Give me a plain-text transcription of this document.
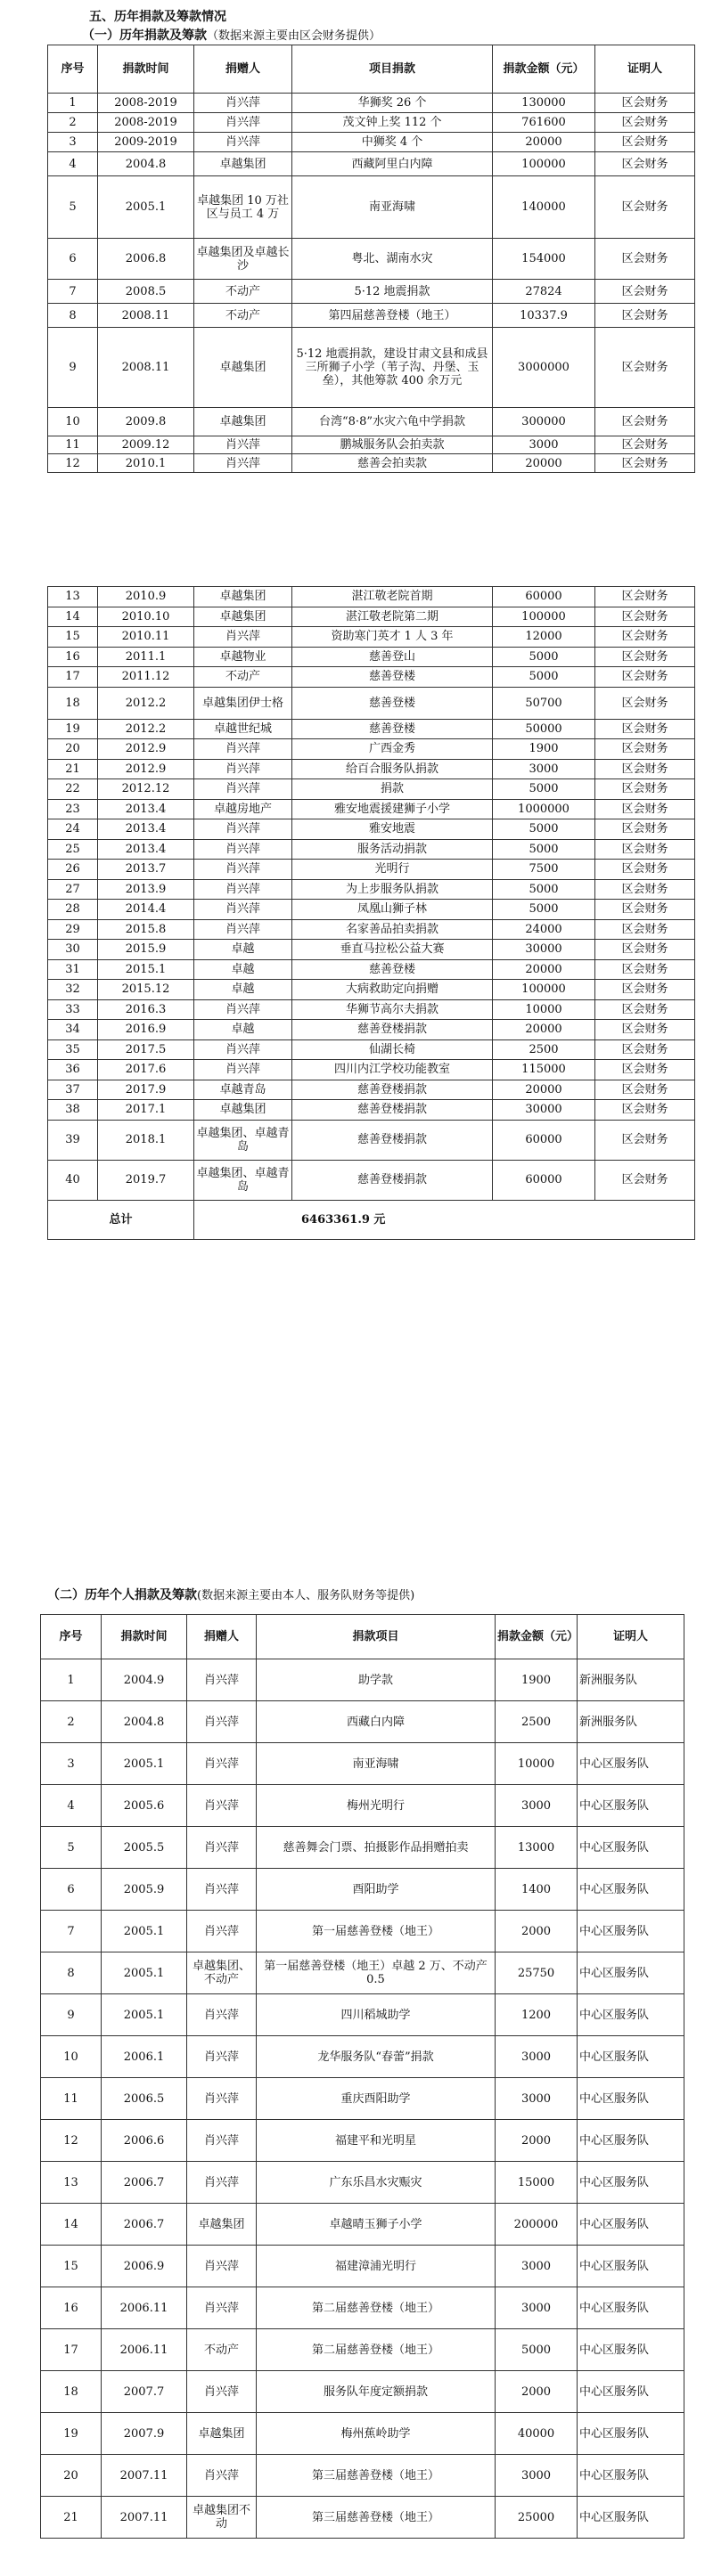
五、历年捐款及筹款情况
（一）历年捐款及筹款（数据来源主要由区会财务提供）
序号	捐款时间	捐赠人	项目捐款	捐款金额（元）	证明人
1	2008-2019	肖兴萍	华狮奖 26 个	130000	区会财务
2	2008-2019	肖兴萍	茂文钟上奖 112 个	761600	区会财务
3	2009-2019	肖兴萍	中狮奖 4 个	20000	区会财务
4	2004.8	卓越集团	西藏阿里白内障	100000	区会财务
5	2005.1	卓越集团 10 万社区与员工 4 万	南亚海啸	140000	区会财务
6	2006.8	卓越集团及卓越长沙	粤北、湖南水灾	154000	区会财务
7	2008.5	不动产	5·12 地震捐款	27824	区会财务
8	2008.11	不动产	第四届慈善登楼（地王）	10337.9	区会财务
9	2008.11	卓越集团	5·12 地震捐款，建设甘肃文县和成县三所狮子小学（苇子沟、丹堡、玉垒），其他筹款 400 余万元	3000000	区会财务
10	2009.8	卓越集团	台湾“8·8”水灾六龟中学捐款	300000	区会财务
11	2009.12	肖兴萍	鹏城服务队会拍卖款	3000	区会财务
12	2010.1	肖兴萍	慈善会拍卖款	20000	区会财务
13	2010.9	卓越集团	湛江敬老院首期	60000	区会财务
14	2010.10	卓越集团	湛江敬老院第二期	100000	区会财务
15	2010.11	肖兴萍	资助寒门英才 1 人 3 年	12000	区会财务
16	2011.1	卓越物业	慈善登山	5000	区会财务
17	2011.12	不动产	慈善登楼	5000	区会财务
18	2012.2	卓越集团伊士格	慈善登楼	50700	区会财务
19	2012.2	卓越世纪城	慈善登楼	50000	区会财务
20	2012.9	肖兴萍	广西金秀	1900	区会财务
21	2012.9	肖兴萍	给百合服务队捐款	3000	区会财务
22	2012.12	肖兴萍	捐款	5000	区会财务
23	2013.4	卓越房地产	雅安地震援建狮子小学	1000000	区会财务
24	2013.4	肖兴萍	雅安地震	5000	区会财务
25	2013.4	肖兴萍	服务活动捐款	5000	区会财务
26	2013.7	肖兴萍	光明行	7500	区会财务
27	2013.9	肖兴萍	为上步服务队捐款	5000	区会财务
28	2014.4	肖兴萍	凤凰山狮子林	5000	区会财务
29	2015.8	肖兴萍	名家善品拍卖捐款	24000	区会财务
30	2015.9	卓越	垂直马拉松公益大赛	30000	区会财务
31	2015.1	卓越	慈善登楼	20000	区会财务
32	2015.12	卓越	大病救助定向捐赠	100000	区会财务
33	2016.3	肖兴萍	华狮节高尔夫捐款	10000	区会财务
34	2016.9	卓越	慈善登楼捐款	20000	区会财务
35	2017.5	肖兴萍	仙湖长椅	2500	区会财务
36	2017.6	肖兴萍	四川内江学校功能教室	115000	区会财务
37	2017.9	卓越青岛	慈善登楼捐款	20000	区会财务
38	2017.1	卓越集团	慈善登楼捐款	30000	区会财务
39	2018.1	卓越集团、卓越青岛	慈善登楼捐款	60000	区会财务
40	2019.7	卓越集团、卓越青岛	慈善登楼捐款	60000	区会财务
总计		6463361.9 元			
（二）历年个人捐款及筹款(数据来源主要由本人、服务队财务等提供)
序号	捐款时间	捐赠人	捐款项目	捐款金额（元）	证明人
1	2004.9	肖兴萍	助学款	1900	新洲服务队
2	2004.8	肖兴萍	西藏白内障	2500	新洲服务队
3	2005.1	肖兴萍	南亚海啸	10000	中心区服务队
4	2005.6	肖兴萍	梅州光明行	3000	中心区服务队
5	2005.5	肖兴萍	慈善舞会门票、拍摄影作品捐赠拍卖	13000	中心区服务队
6	2005.9	肖兴萍	酉阳助学	1400	中心区服务队
7	2005.1	肖兴萍	第一届慈善登楼（地王）	2000	中心区服务队
8	2005.1	卓越集团、不动产	第一届慈善登楼（地王）卓越 2 万、不动产 0.5	25750	中心区服务队
9	2005.1	肖兴萍	四川稻城助学	1200	中心区服务队
10	2006.1	肖兴萍	龙华服务队“春蕾”捐款	3000	中心区服务队
11	2006.5	肖兴萍	重庆酉阳助学	3000	中心区服务队
12	2006.6	肖兴萍	福建平和光明星	2000	中心区服务队
13	2006.7	肖兴萍	广东乐昌水灾赈灾	15000	中心区服务队
14	2006.7	卓越集团	卓越晴玉狮子小学	200000	中心区服务队
15	2006.9	肖兴萍	福建漳浦光明行	3000	中心区服务队
16	2006.11	肖兴萍	第二届慈善登楼（地王）	3000	中心区服务队
17	2006.11	不动产	第二届慈善登楼（地王）	5000	中心区服务队
18	2007.7	肖兴萍	服务队年度定额捐款	2000	中心区服务队
19	2007.9	卓越集团	梅州蕉岭助学	40000	中心区服务队
20	2007.11	肖兴萍	第三届慈善登楼（地王）	3000	中心区服务队
21	2007.11	卓越集团不动	第三届慈善登楼（地王）	25000	中心区服务队
